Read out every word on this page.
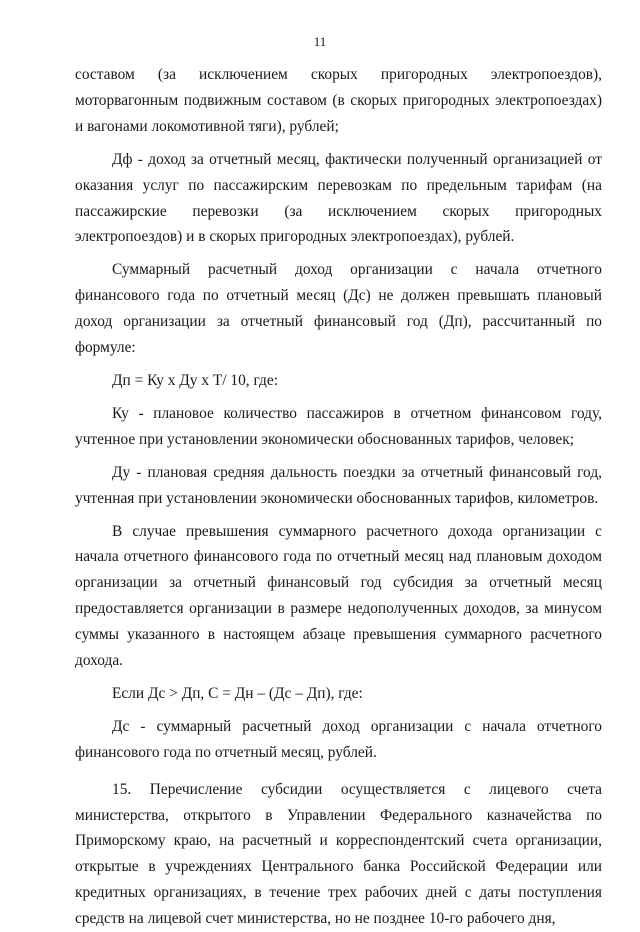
11

составом (за исключением скорых пригородных электропоездов), моторвагонным подвижным составом (в скорых пригородных электропоездах) и вагонами локомотивной тяги), рублей;

Дф - доход за отчетный месяц, фактически полученный организацией от оказания услуг по пассажирским перевозкам по предельным тарифам (на пассажирские перевозки (за исключением скорых пригородных электропоездов) и в скорых пригородных электропоездах), рублей.

Суммарный расчетный доход организации с начала отчетного финансового года по отчетный месяц (Дс) не должен превышать плановый доход организации за отчетный финансовый год (Дп), рассчитанный по формуле:

Дп = Ку х Ду х Т/ 10, где:

Ку - плановое количество пассажиров в отчетном финансовом году, учтенное при установлении экономически обоснованных тарифов, человек;

Ду - плановая средняя дальность поездки за отчетный финансовый год, учтенная при установлении экономически обоснованных тарифов, километров.

В случае превышения суммарного расчетного дохода организации с начала отчетного финансового года по отчетный месяц над плановым доходом организации за отчетный финансовый год субсидия за отчетный месяц предоставляется организации в размере недополученных доходов, за минусом суммы указанного в настоящем абзаце превышения суммарного расчетного дохода.

Если Дс > Дп, С = Дн – (Дс – Дп), где:

Дс - суммарный расчетный доход организации с начала отчетного финансового года по отчетный месяц, рублей.

15. Перечисление субсидии осуществляется с лицевого счета министерства, открытого в Управлении Федерального казначейства по Приморскому краю, на расчетный и корреспондентский счета организации, открытые в учреждениях Центрального банка Российской Федерации или кредитных организациях, в течение трех рабочих дней с даты поступления средств на лицевой счет министерства, но не позднее 10-го рабочего дня,
